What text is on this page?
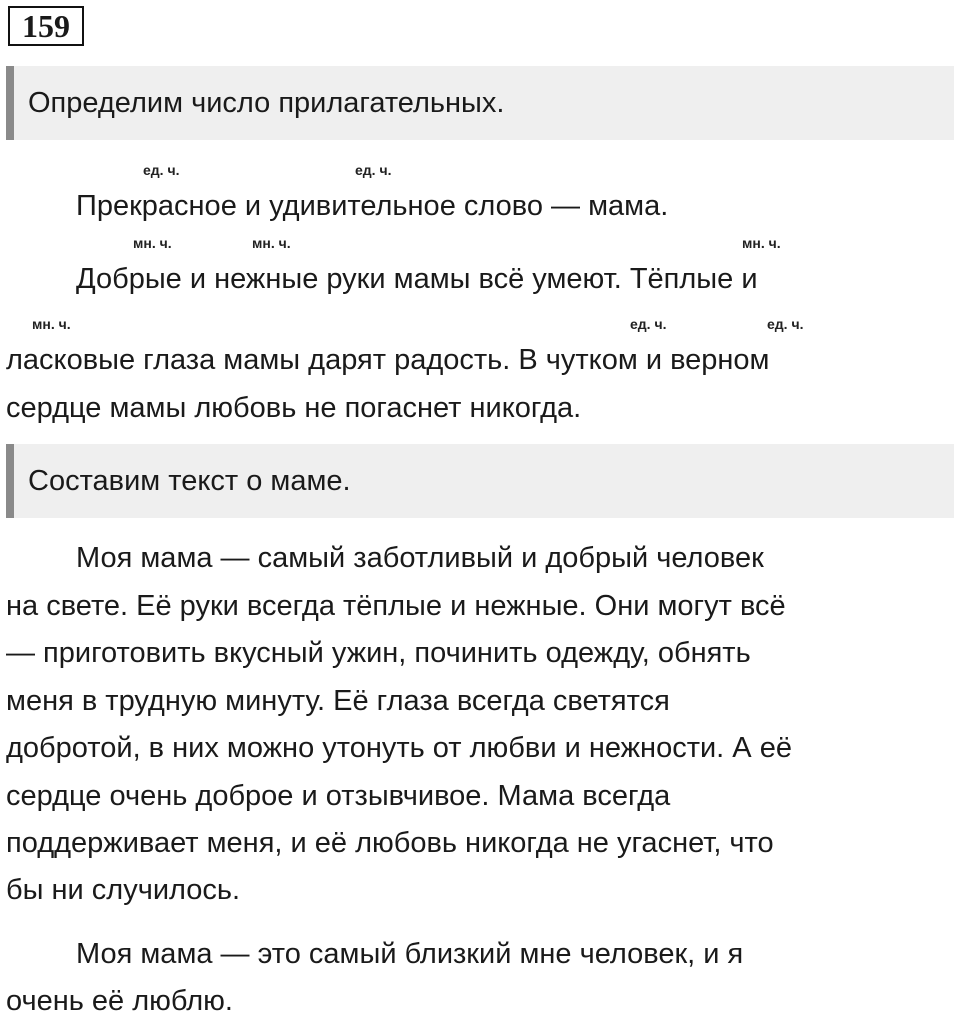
159
Определим число прилагательных.
ед. ч.	ед. ч.
мн. ч.	мн. ч.	мн. ч.
мн. ч.	ед. ч.	ед. ч.
Прекрасное и удивительное слово — мама.
Добрые и нежные руки мамы всё умеют. Тёплые и
ласковые глаза мамы дарят радость. В чутком и верном
сердце мамы любовь не погаснет никогда.
Составим текст о маме.
Моя мама — самый заботливый и добрый человек
на свете. Её руки всегда тёплые и нежные. Они могут всё
— приготовить вкусный ужин, починить одежду, обнять
меня в трудную минуту. Её глаза всегда светятся
добротой, в них можно утонуть от любви и нежности. А её
сердце очень доброе и отзывчивое. Мама всегда
поддерживает меня, и её любовь никогда не угаснет, что
бы ни случилось.
Моя мама — это самый близкий мне человек, и я
очень её люблю.
